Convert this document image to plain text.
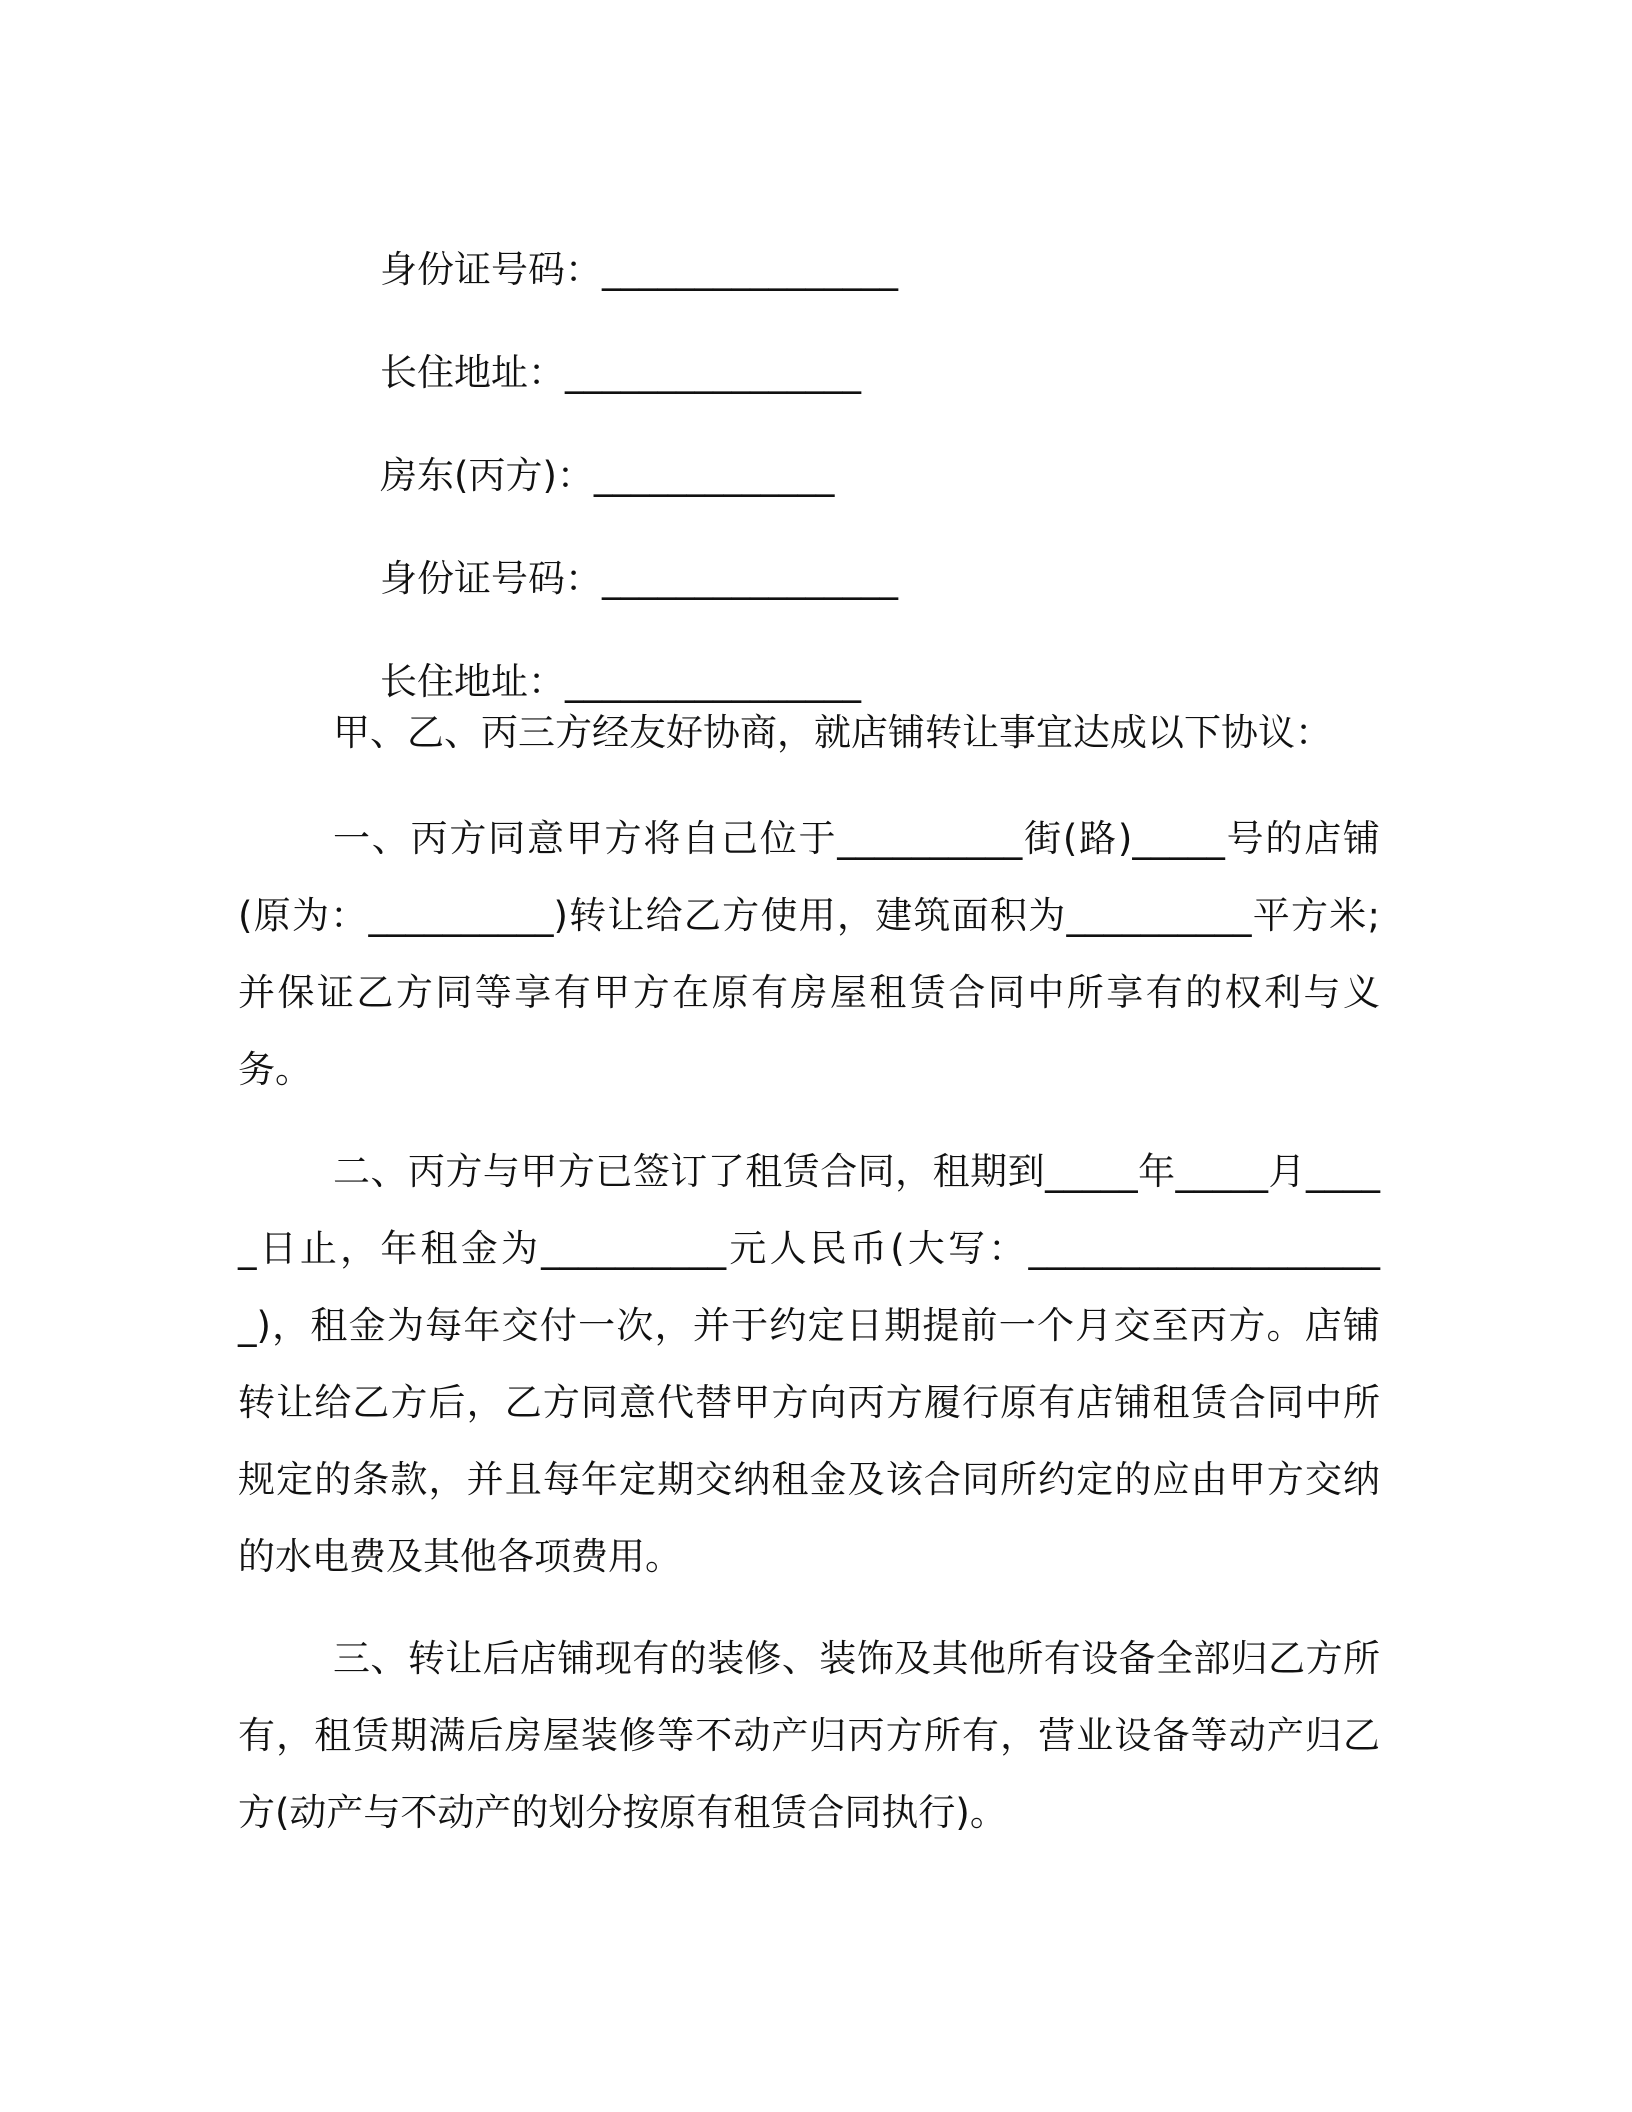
身份证号码：________________

长住地址：________________

房东(丙方)：_____________

身份证号码：________________

长住地址：________________

甲、乙、丙三方经友好协商，就店铺转让事宜达成以下协议：
一、丙方同意甲方将自己位于__________街(路)_____号的店铺(原为：__________)转让给乙方使用，建筑面积为__________平方米;并保证乙方同等享有甲方在原有房屋租赁合同中所享有的权利与义务。
二、丙方与甲方已签订了租赁合同，租期到_____年_____月_____日止，年租金为__________元人民币(大写：____________________)，租金为每年交付一次，并于约定日期提前一个月交至丙方。店铺转让给乙方后，乙方同意代替甲方向丙方履行原有店铺租赁合同中所规定的条款，并且每年定期交纳租金及该合同所约定的应由甲方交纳的水电费及其他各项费用。
三、转让后店铺现有的装修、装饰及其他所有设备全部归乙方所有，租赁期满后房屋装修等不动产归丙方所有，营业设备等动产归乙方(动产与不动产的划分按原有租赁合同执行)。
